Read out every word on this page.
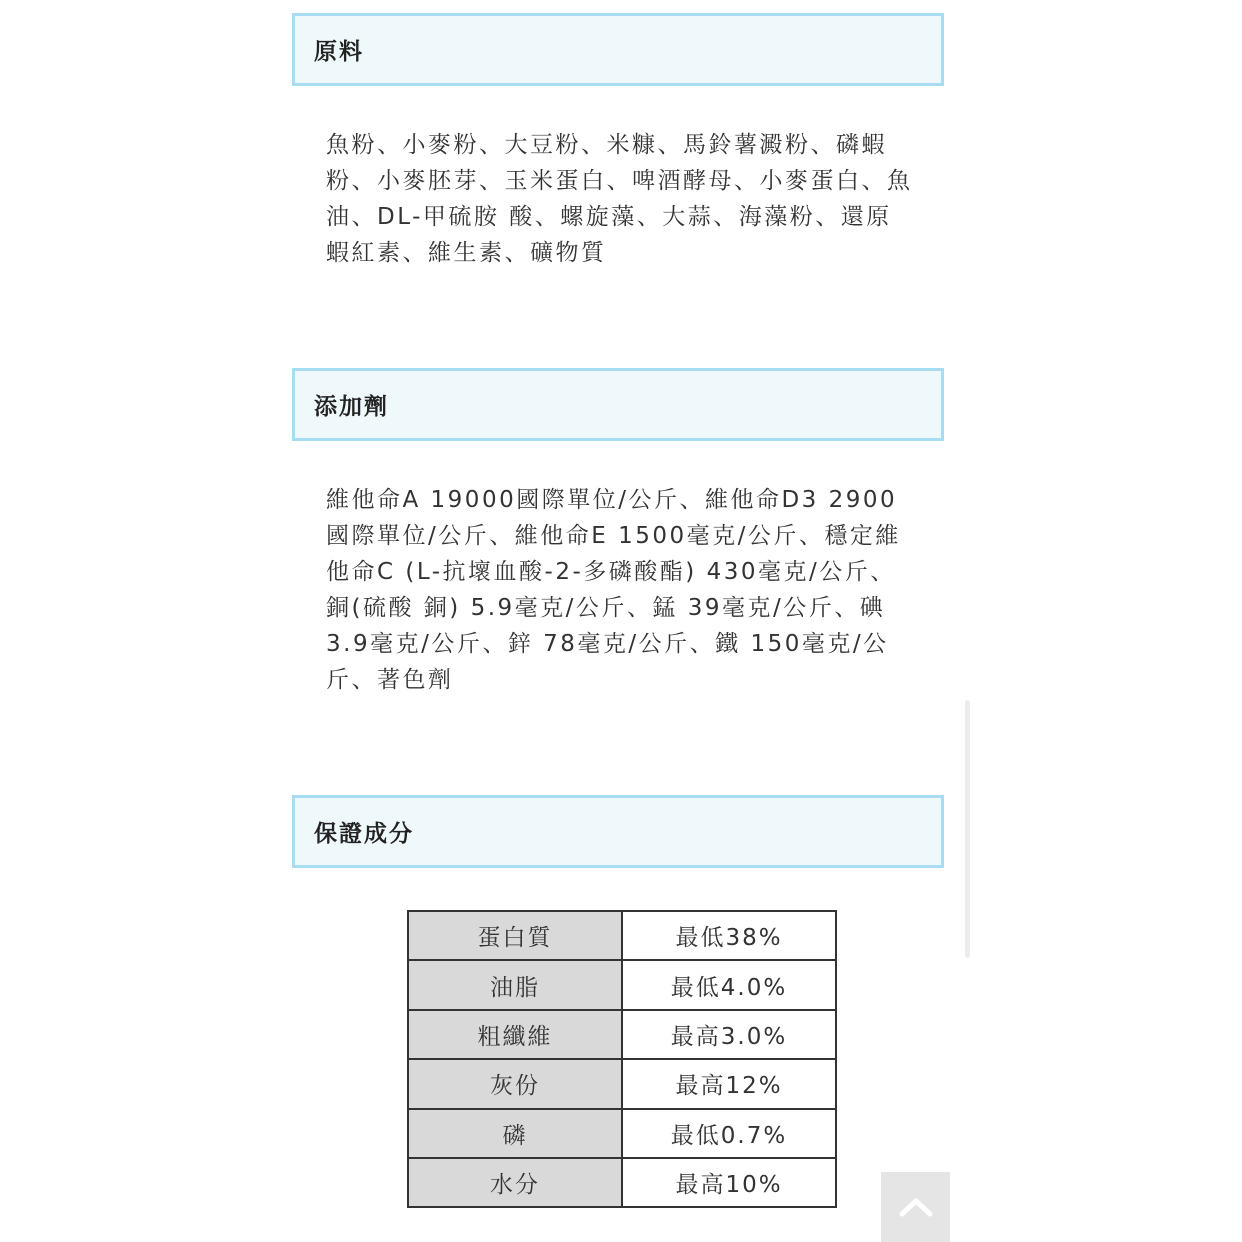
原料
魚粉、小麥粉、大豆粉、米糠、馬鈴薯澱粉、磷蝦粉、小麥胚芽、玉米蛋白、啤酒酵母、小麥蛋白、魚油、DL-甲硫胺 酸、螺旋藻、大蒜、海藻粉、還原蝦紅素、維生素、礦物質
添加劑
維他命A 19000國際單位/公斤、維他命D3 2900國際單位/公斤、維他命E 1500毫克/公斤、穩定維他命C (L-抗壞血酸-2-多磷酸酯) 430毫克/公斤、銅(硫酸 銅) 5.9毫克/公斤、錳 39毫克/公斤、碘 3.9毫克/公斤、鋅 78毫克/公斤、鐵 150毫克/公斤、著色劑
保證成分
蛋白質	最低38%
油脂	最低4.0%
粗纖維	最高3.0%
灰份	最高12%
磷	最低0.7%
水分	最高10%
